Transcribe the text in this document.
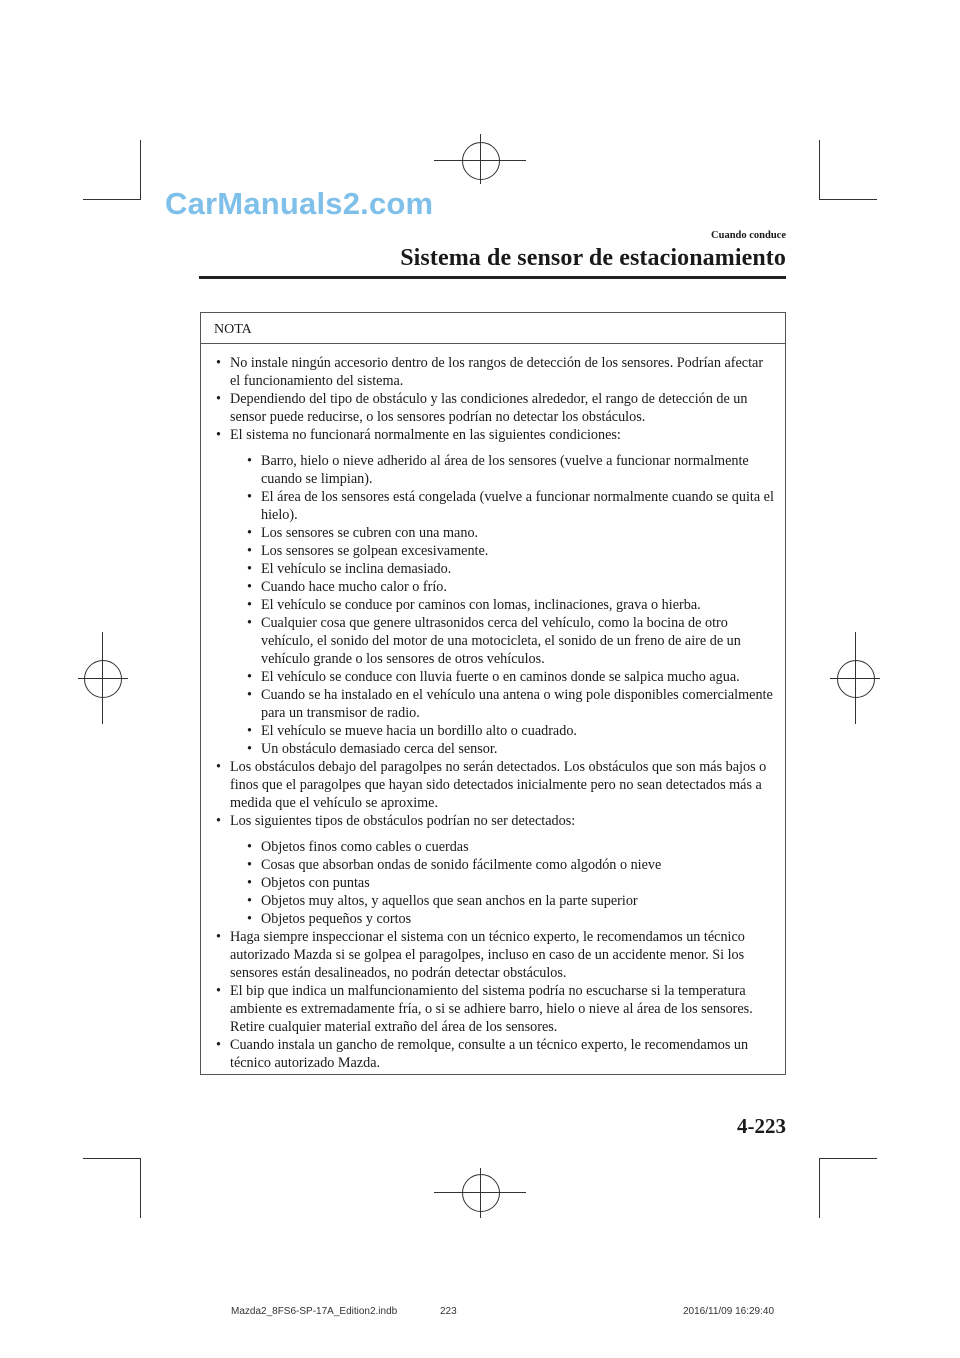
CarManuals2.com
Cuando conduce
Sistema de sensor de estacionamiento
NOTA
• No instale ningún accesorio dentro de los rangos de detección de los sensores. Podrían afectar el funcionamiento del sistema.
• Dependiendo del tipo de obstáculo y las condiciones alrededor, el rango de detección de un sensor puede reducirse, o los sensores podrían no detectar los obstáculos.
• El sistema no funcionará normalmente en las siguientes condiciones:
• Barro, hielo o nieve adherido al área de los sensores (vuelve a funcionar normalmente cuando se limpian).
• El área de los sensores está congelada (vuelve a funcionar normalmente cuando se quita el hielo).
• Los sensores se cubren con una mano.
• Los sensores se golpean excesivamente.
• El vehículo se inclina demasiado.
• Cuando hace mucho calor o frío.
• El vehículo se conduce por caminos con lomas, inclinaciones, grava o hierba.
• Cualquier cosa que genere ultrasonidos cerca del vehículo, como la bocina de otro vehículo, el sonido del motor de una motocicleta, el sonido de un freno de aire de un vehículo grande o los sensores de otros vehículos.
• El vehículo se conduce con lluvia fuerte o en caminos donde se salpica mucho agua.
• Cuando se ha instalado en el vehículo una antena o wing pole disponibles comercialmente para un transmisor de radio.
• El vehículo se mueve hacia un bordillo alto o cuadrado.
• Un obstáculo demasiado cerca del sensor.
• Los obstáculos debajo del paragolpes no serán detectados. Los obstáculos que son más bajos o finos que el paragolpes que hayan sido detectados inicialmente pero no sean detectados más a medida que el vehículo se aproxime.
• Los siguientes tipos de obstáculos podrían no ser detectados:
• Objetos finos como cables o cuerdas
• Cosas que absorban ondas de sonido fácilmente como algodón o nieve
• Objetos con puntas
• Objetos muy altos, y aquellos que sean anchos en la parte superior
• Objetos pequeños y cortos
• Haga siempre inspeccionar el sistema con un técnico experto, le recomendamos un técnico autorizado Mazda si se golpea el paragolpes, incluso en caso de un accidente menor. Si los sensores están desalineados, no podrán detectar obstáculos.
• El bip que indica un malfuncionamiento del sistema podría no escucharse si la temperatura ambiente es extremadamente fría, o si se adhiere barro, hielo o nieve al área de los sensores. Retire cualquier material extraño del área de los sensores.
• Cuando instala un gancho de remolque, consulte a un técnico experto, le recomendamos un técnico autorizado Mazda.
4-223
Mazda2_8FS6-SP-17A_Edition2.indb	223	2016/11/09 16:29:40
